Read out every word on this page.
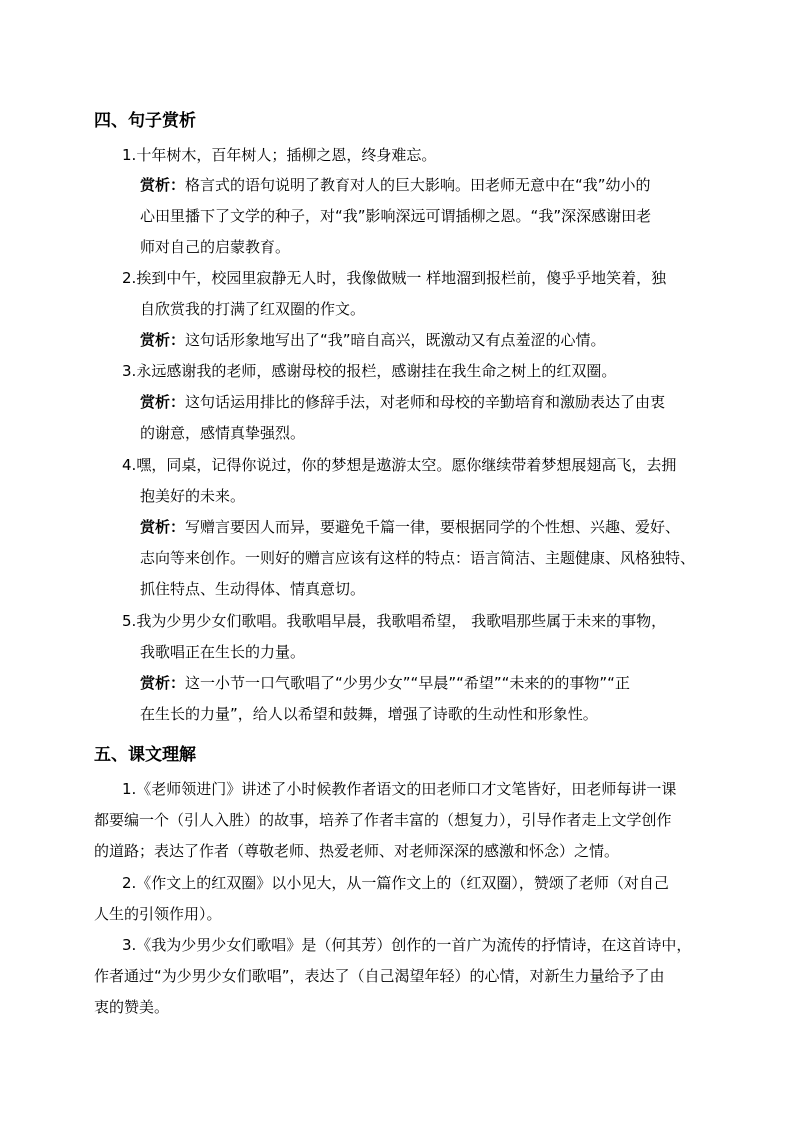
四、句子赏析

1.十年树木，百年树人；插柳之恩，终身难忘。

赏析：格言式的语句说明了教育对人的巨大影响。田老师无意中在“我”幼小的

心田里播下了文学的种子，对“我”影响深远可谓插柳之恩。“我”深深感谢田老

师对自己的启蒙教育。

2.挨到中午，校园里寂静无人时，我像做贼一 样地溜到报栏前，傻乎乎地笑着，独

自欣赏我的打满了红双圈的作文。

赏析：这句话形象地写出了“我”暗自高兴，既激动又有点羞涩的心情。

3.永远感谢我的老师，感谢母校的报栏，感谢挂在我生命之树上的红双圈。

赏析：这句话运用排比的修辞手法，对老师和母校的辛勤培育和激励表达了由衷

的谢意，感情真挚强烈。

4.嘿，同桌，记得你说过，你的梦想是遨游太空。愿你继续带着梦想展翅高飞，去拥

抱美好的未来。

赏析：写赠言要因人而异，要避免千篇一律，要根据同学的个性想、兴趣、爱好、

志向等来创作。一则好的赠言应该有这样的特点：语言简洁、主题健康、风格独特、

抓住特点、生动得体、情真意切。

5.我为少男少女们歌唱。我歌唱早晨，我歌唱希望， 我歌唱那些属于未来的事物，

我歌唱正在生长的力量。

赏析：这一小节一口气歌唱了“少男少女”“早晨”“希望”“未来的的事物”“正

在生长的力量”，给人以希望和鼓舞，增强了诗歌的生动性和形象性。

五、课文理解

1.《老师领进门》讲述了小时候教作者语文的田老师口才文笔皆好，田老师每讲一课

都要编一个（引人入胜）的故事，培养了作者丰富的（想复力），引导作者走上文学创作

的道路；表达了作者（尊敬老师、热爱老师、对老师深深的感激和怀念）之情。

2.《作文上的红双圈》以小见大，从一篇作文上的（红双圈），赞颂了老师（对自己

人生的引领作用）。

3.《我为少男少女们歌唱》是（何其芳）创作的一首广为流传的抒情诗，在这首诗中，

作者通过“为少男少女们歌唱”，表达了（自己渴望年轻）的心情，对新生力量给予了由

衷的赞美。
